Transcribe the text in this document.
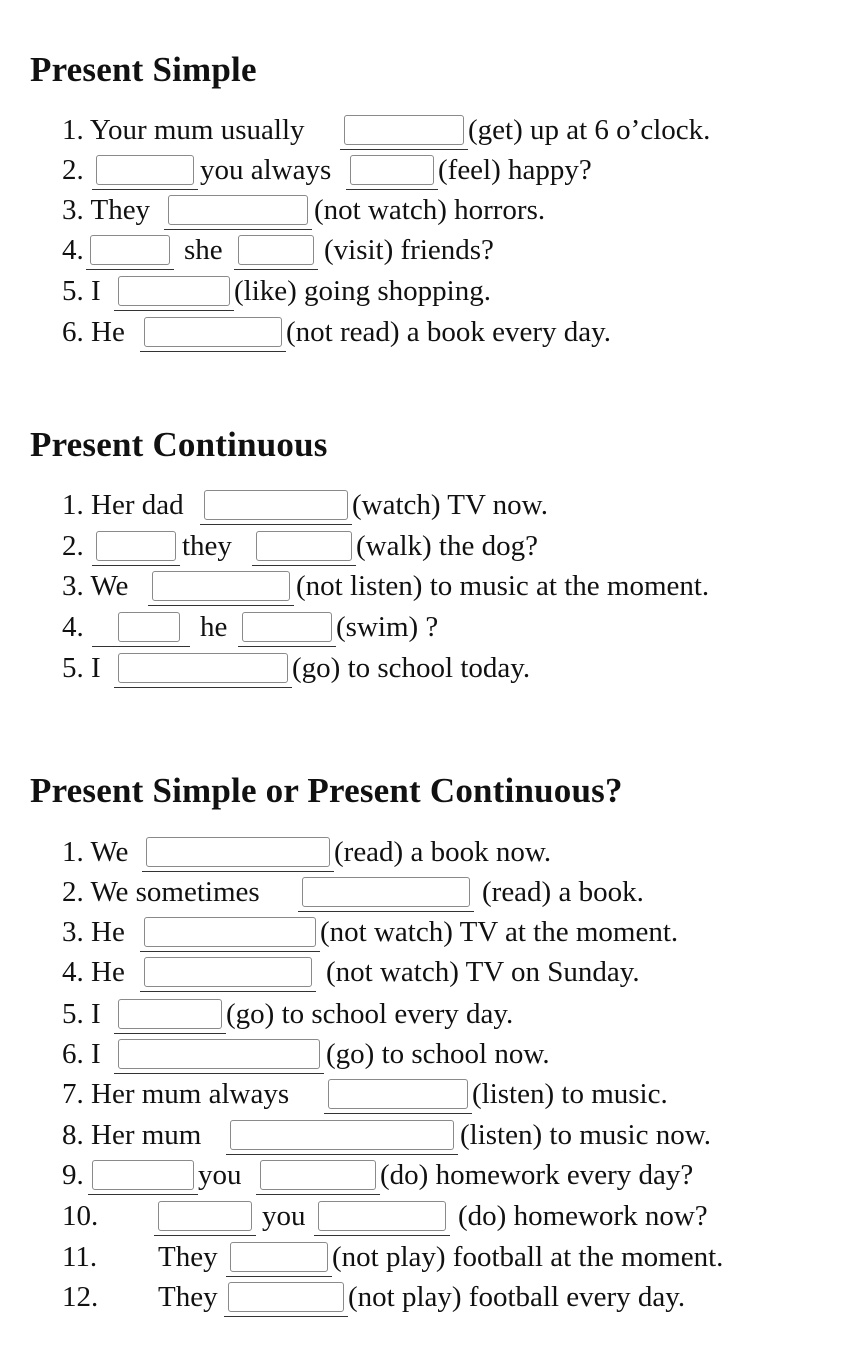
Present Simple
1. Your mum usually	(get) up at 6 o’clock.
2.	you always	(feel) happy?
3. They	(not watch) horrors.
4.	she	(visit) friends?
5. I	(like) going shopping.
6. He	(not read) a book every day.
Present Continuous
1. Her dad	(watch) TV now.
2.	they	(walk) the dog?
3. We	(not listen) to music at the moment.
4.	he	(swim) ?
5. I	(go) to school today.
Present Simple or Present Continuous?
1. We	(read) a book now.
2. We sometimes	(read) a book.
3. He	(not watch) TV at the moment.
4. He	(not watch) TV on Sunday.
5. I	(go) to school every day.
6. I	(go) to school now.
7. Her mum always	(listen) to music.
8. Her mum	(listen) to music now.
9.	you	(do) homework every day?
10.	you	(do) homework now?
11. They	(not play) football at the moment.
12. They	(not play) football every day.
